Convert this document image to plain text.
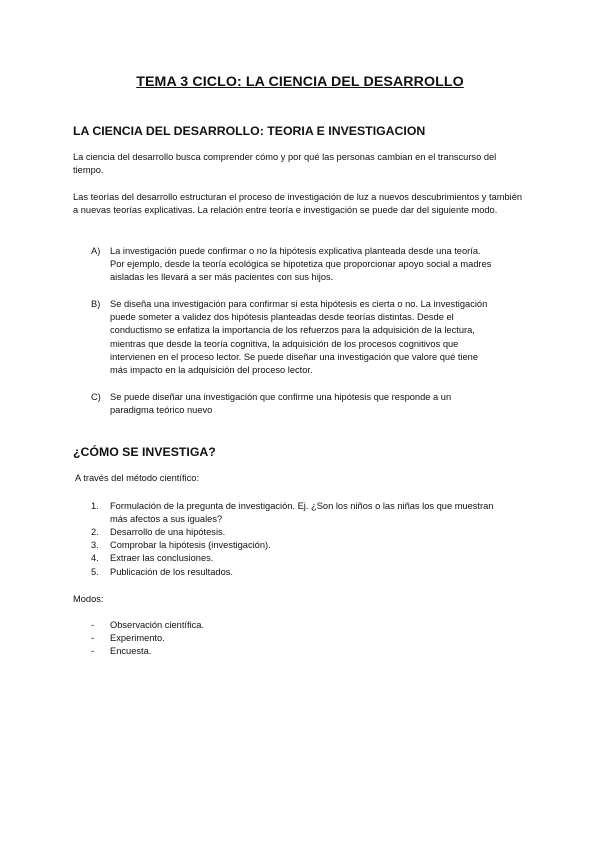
TEMA 3 CICLO: LA CIENCIA DEL DESARROLLO
LA CIENCIA DEL DESARROLLO: TEORIA E INVESTIGACION

La ciencia del desarrollo busca comprender cómo y por qué las personas cambian en el transcurso del tiempo.

Las teorías del desarrollo estructuran el proceso de investigación de luz a nuevos descubrimientos y también a nuevas teorías explicativas. La relación entre teoría e investigación se puede dar del siguiente modo.

A) La investigación puede confirmar o no la hipótesis explicativa planteada desde una teoría.
Por ejemplo, desde la teoría ecológica se hipotetiza que proporcionar apoyo social a madres
aisladas les llevará a ser más pacientes con sus hijos.
B) Se diseña una investigación para confirmar si esta hipótesis es cierta o no. La investigación
puede someter a validez dos hipótesis planteadas desde teorías distintas. Desde el
conductismo se enfatiza la importancia de los refuerzos para la adquisición de la lectura,
mientras que desde la teoría cognitiva, la adquisición de los procesos cognitivos que
intervienen en el proceso lector. Se puede diseñar una investigación que valore qué tiene
más impacto en la adquisición del proceso lector.
C) Se puede diseñar una investigación que confirme una hipótesis que responde a un
paradigma teórico nuevo
¿CÓMO SE INVESTIGA?

A través del método científico:

1. Formulación de la pregunta de investigación. Ej. ¿Son los niños o las niñas los que muestran
más afectos a sus iguales?
2. Desarrollo de una hipótesis.
3. Comprobar la hipótesis (investigación).
4. Extraer las conclusiones.
5. Publicación de los resultados.

Modos:

- Observación científica.
- Experimento.
- Encuesta.
